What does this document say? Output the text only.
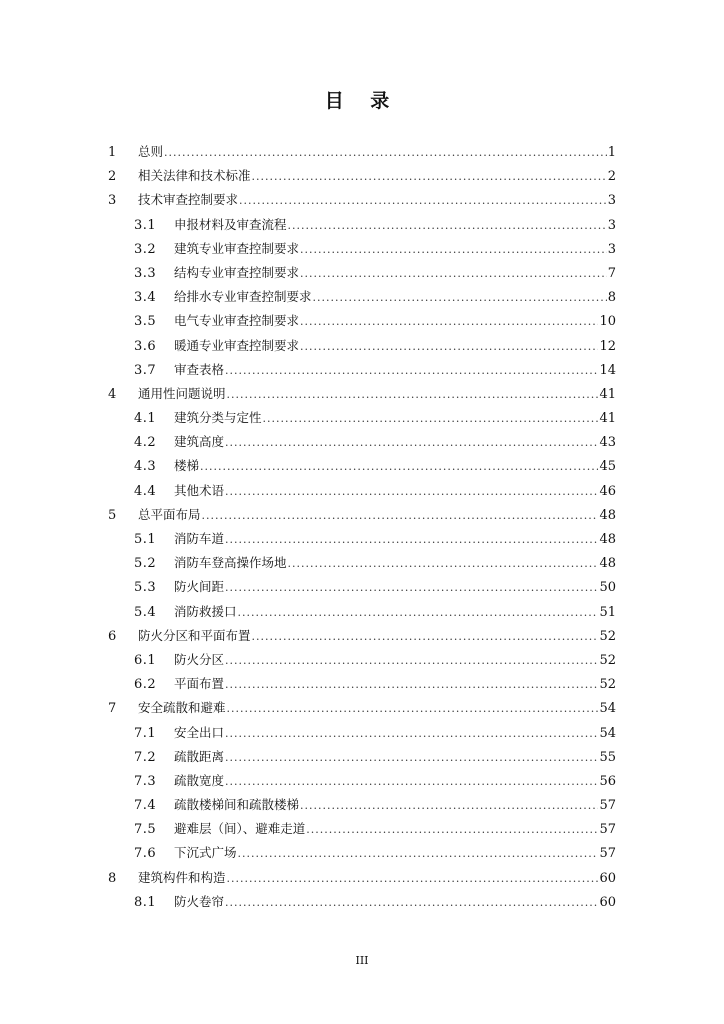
目 录
1	总则 .....	1
2	相关法律和技术标准 .....	2
3	技术审查控制要求 .....	3
3.1	申报材料及审查流程 .....	3
3.2	建筑专业审查控制要求 .....	3
3.3	结构专业审查控制要求 .....	7
3.4	给排水专业审查控制要求 .....	8
3.5	电气专业审查控制要求 .....	10
3.6	暖通专业审查控制要求 .....	12
3.7	审查表格 .....	14
4	通用性问题说明 .....	41
4.1	建筑分类与定性 .....	41
4.2	建筑高度 .....	43
4.3	楼梯 .....	45
4.4	其他术语 .....	46
5	总平面布局 .....	48
5.1	消防车道 .....	48
5.2	消防车登高操作场地 .....	48
5.3	防火间距 .....	50
5.4	消防救援口 .....	51
6	防火分区和平面布置 .....	52
6.1	防火分区 .....	52
6.2	平面布置 .....	52
7	安全疏散和避难 .....	54
7.1	安全出口 .....	54
7.2	疏散距离 .....	55
7.3	疏散宽度 .....	56
7.4	疏散楼梯间和疏散楼梯 .....	57
7.5	避难层（间）、避难走道 .....	57
7.6	下沉式广场 .....	57
8	建筑构件和构造 .....	60
8.1	防火卷帘 .....	60
III
